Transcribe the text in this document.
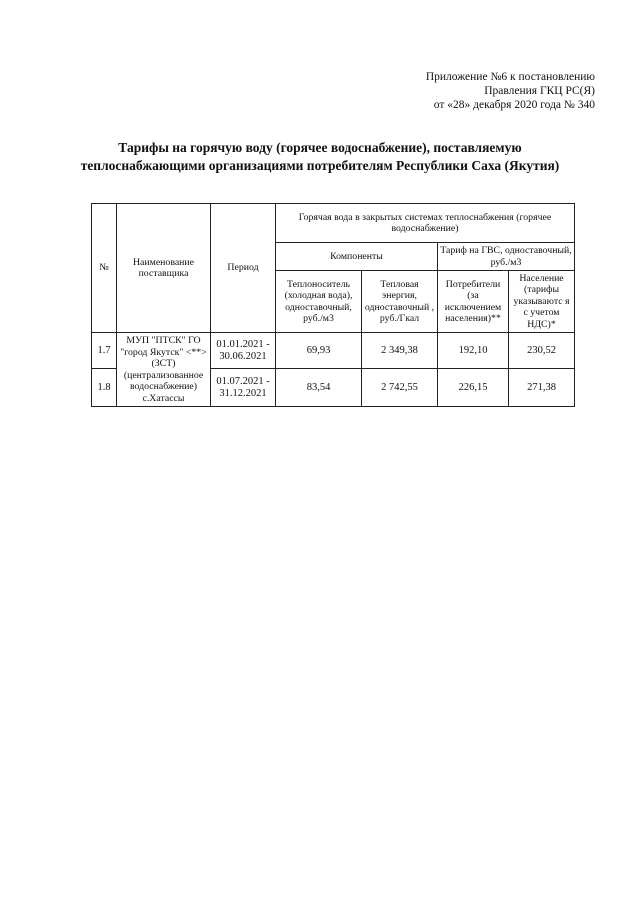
Приложение №6 к постановлению
Правления ГКЦ РС(Я)
от «28» декабря 2020 года № 340
Тарифы на горячую воду (горячее водоснабжение), поставляемую
теплоснабжающими организациями потребителям Республики Саха (Якутия)
№	Наименование поставщика	Период	Горячая вода в закрытых системах теплоснабжения (горячее водоснабжение)			
			Компоненты		Тариф на ГВС, одноставочный, руб./м3	
			Теплоноситель (холодная вода), одноставочный, руб./м3	Тепловая энергия, одноставочный , руб./Гкал	Потребители (за исключением населения)**	Население (тарифы указываютс я с учетом НДС)*
1.7	МУП "ПТСК" ГО "город Якутск" <**> (ЗСТ) (централизованное водоснабжение) с.Хатассы	01.01.2021 - 30.06.2021	69,93	2 349,38	192,10	230,52
1.8		01.07.2021 - 31.12.2021	83,54	2 742,55	226,15	271,38
